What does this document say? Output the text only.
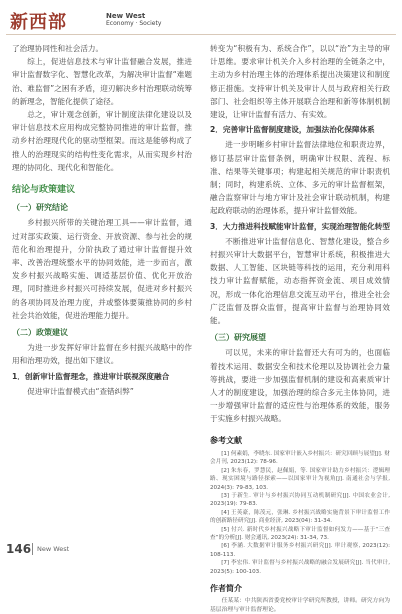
新西部	New West
Economy · Society

了治理协同性和社会活力。

综上，促进信息技术与审计监督融合发展，推进审计监督数字化、智慧化改革，为解决审计监督“难题治、难监督”之困有矛盾，迎刃解决乡村治理联动统筹的新理念，智能化提供了途径。

总之，审计观念创新，审计制度法律化建设以及审计信息技术应用构成完整协同推进的审计监督，推动乡村治理现代化的驱动型框架。而这是能够构成了推人的治理现实的结构性变化需求，从而实现乡村治理的协同化、现代化和智能化。

结论与政策建议
（一）研究结论

乡村振兴所带的关键治理工具——审计监督，通过对部实政策、运行资金、开放资源、参与社会的规范化和治理提升，分阶执政了通过审计监督提升效率、改善治理统整水平的协同效能，进一步而言，激发乡村振兴战略实施、调适基层价值、优化开放治理，同时推进乡村振兴可持续发展，促进对乡村振兴的各项协同及治理力度，并或整体要策推协同的乡村社会共治效能，促进治理能力提升。

（二）政策建议

为进一步发挥好审计监督在乡村振兴战略中的作用和治理功效，提出如下建议。

1．创新审计监督理念，推进审计联视深度融合

促进审计监督模式由“查错纠弊”

转变为“积极有为、系统合作”，以以“治”为主导的审计思维。要求审计机关介入乡村治理的全链条之中，主动为乡村治理主体的治理体系提出决策建议和制度修正措施。支持审计机关及审计人员与政府相关行政部门、社会组织等主体开展联合治理和新等体制机制建设，让审计监督有活力、有实效。

2．完善审计监督制度建设，加强法治化保障体系

进一步明晰乡村审计监督法律地位和职责边界，修订基层审计监督条例，明确审计权限、流程、标准、结果等关键事项；构建起相关规范的审计职责机制；同时，构建系统、立体、多元的审计监督框架，融合监察审计与地方审计及社会审计联动机制，构建起政府联动的治理体系，提升审计监督效能。

3．大力推进科技赋能审计监督，实现治理智能化转型

不断推进审计监督信息化、智慧化建设，整合乡村振兴审计大数据平台，智慧审计系统，积极推进大数据、人工智能、区块链等科技的运用，充分利用科技力审计监督赋能，动态指挥资金流、项目成效情况，形成一体化治理信息交流互动平台，推进全社会广泛监督及群众监督，提高审计监督与治理协同效能。

（三）研究展望

可以见，未来的审计监督还大有可为的，也面临着技术运用、数据安全和技术伦理以及协调社会力量等挑战，要进一步加强监督机制的建设和高素质审计人才的制度建设，加强治理的综合多元主体协同，进一步增强审计监督的适应性与治理体系的效能，服务于实施乡村振兴战略。

参考文献

[1] 何素娟，李晓东. 国家审计嵌入乡村振兴：研究回顾与展望[J]. 财会月刊, 2023(12): 78-96.

[2] 朱东春，罗慧民，赵佩娟，等. 国家审计助力乡村振兴：逻辑理路、现实困境与路径探索——以国家审计为视角[J]. 南通社会与学报, 2024(3): 79-83, 103.

[3] 于新生. 审计与乡村振兴协同互动机制研究[J]. 中国农业会计, 2023(19): 79-83.

[4] 王英豪，陈茂元，张琳. 乡村振兴战略实施背景下审计监督工作的创新路径研究[J]. 商业经济, 2023(04): 31-34.

[5] 付兴. 新时代乡村振兴战略下审计监督如何发力——基于“三查查”的分析[J]. 财会通讯, 2023(24): 31-34, 73.

[6] 李涵. 大数据审计服务乡村振兴研究[J]. 审计观察, 2023(12): 108-113.

[7] 李宏伟. 审计监督与乡村振兴战略的融合发展研究[J]. 当代审计, 2023(5): 100-103.

作者简介

任某某：中共陕西省委党校审计学研究所教授，讲师。研究方向为基层治理与审计监督理论。

146 New West
